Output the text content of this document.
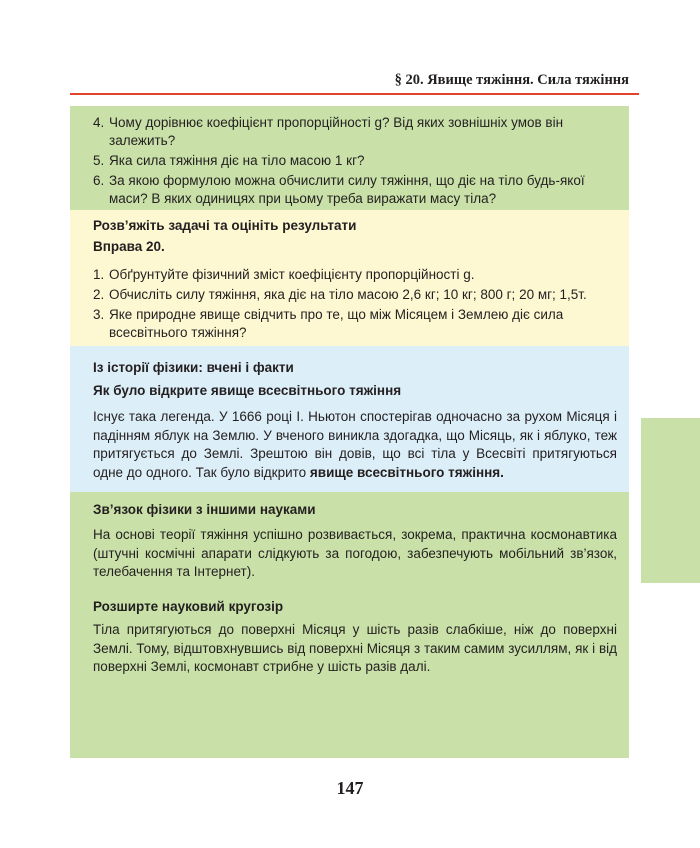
§ 20. Явище тяжіння. Сила тяжіння
4. Чому дорівнює коефіцієнт пропорційності g? Від яких зовнішніх умов він залежить?
5. Яка сила тяжіння діє на тіло масою 1 кг?
6. За якою формулою можна обчислити силу тяжіння, що діє на тіло будь-якої маси? В яких одиницях при цьому треба виражати масу тіла?
Розв’яжіть задачі та оцініть результати
Вправа 20.
1. Обґрунтуйте фізичний зміст коефіцієнту пропорційності g.
2. Обчисліть силу тяжіння, яка діє на тіло масою 2,6 кг; 10 кг; 800 г; 20 мг; 1,5т.
3. Яке природне явище свідчить про те, що між Місяцем і Землею діє сила всесвітнього тяжіння?
Із історії фізики: вчені і факти
Як було відкрите явище всесвітнього тяжіння
Існує така легенда. У 1666 році І. Ньютон спостерігав одночасно за рухом Місяця і падінням яблук на Землю. У вченого виникла здогадка, що Місяць, як і яблуко, теж притягується до Землі. Зрештою він довів, що всі тіла у Всесвіті притягуються одне до одного. Так було відкрито явище всесвітнього тяжіння.
Зв’язок фізики з іншими науками
На основі теорії тяжіння успішно розвивається, зокрема, практична космонавтика (штучні космічні апарати слідкують за погодою, забезпечують мобільний зв’язок, телебачення та Інтернет).
Розширте науковий кругозір
Тіла притягуються до поверхні Місяця у шість разів слабкіше, ніж до поверхні Землі. Тому, відштовхнувшись від поверхні Місяця з таким самим зусиллям, як і від поверхні Землі, космонавт стрибне у шість разів далі.
147
